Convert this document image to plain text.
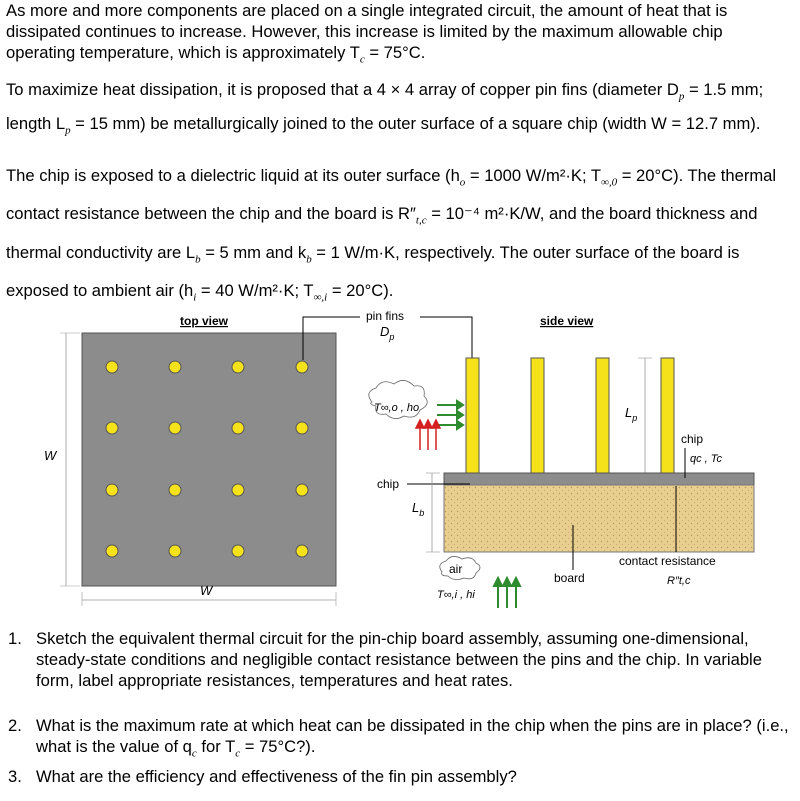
As more and more components are placed on a single integrated circuit, the amount of heat that is dissipated continues to increase. However, this increase is limited by the maximum allowable chip operating temperature, which is approximately $T_c = 75^\circ C$.
To maximize heat dissipation, it is proposed that a 4 × 4 array of copper pin fins (diameter $D_p = 1.5$ mm; length $L_p = 15$ mm) be metallurgically joined to the outer surface of a square chip (width W = 12.7 mm).
The chip is exposed to a dielectric liquid at its outer surface ($h_o = 1000$ W/m²·K; $T_{\infty,0} = 20^\circ C$). The thermal contact resistance between the chip and the board is $R''_{t,c} = 10^{-4}$ m²·K/W, and the board thickness and thermal conductivity are $L_b = 5$ mm and $k_b = 1$ W/m·K, respectively. The outer surface of the board is exposed to ambient air ($h_i = 40$ W/m²·K; $T_{\infty,i} = 20^\circ C$).
top view
W
W
pin fins
$D_p$
side view
T∞,o , ho	$L_p$
chip
$L_b$
chip
qc , Tc
board
contact resistance
R″t,c
air
T∞,i , hi
1. Sketch the equivalent thermal circuit for the pin-chip board assembly, assuming one-dimensional, steady-state conditions and negligible contact resistance between the pins and the chip. In variable form, label appropriate resistances, temperatures and heat rates.
2. What is the maximum rate at which heat can be dissipated in the chip when the pins are in place? (i.e., what is the value of $q_c$ for $T_c$ = 75°C?).
3. What are the efficiency and effectiveness of the fin pin assembly?
